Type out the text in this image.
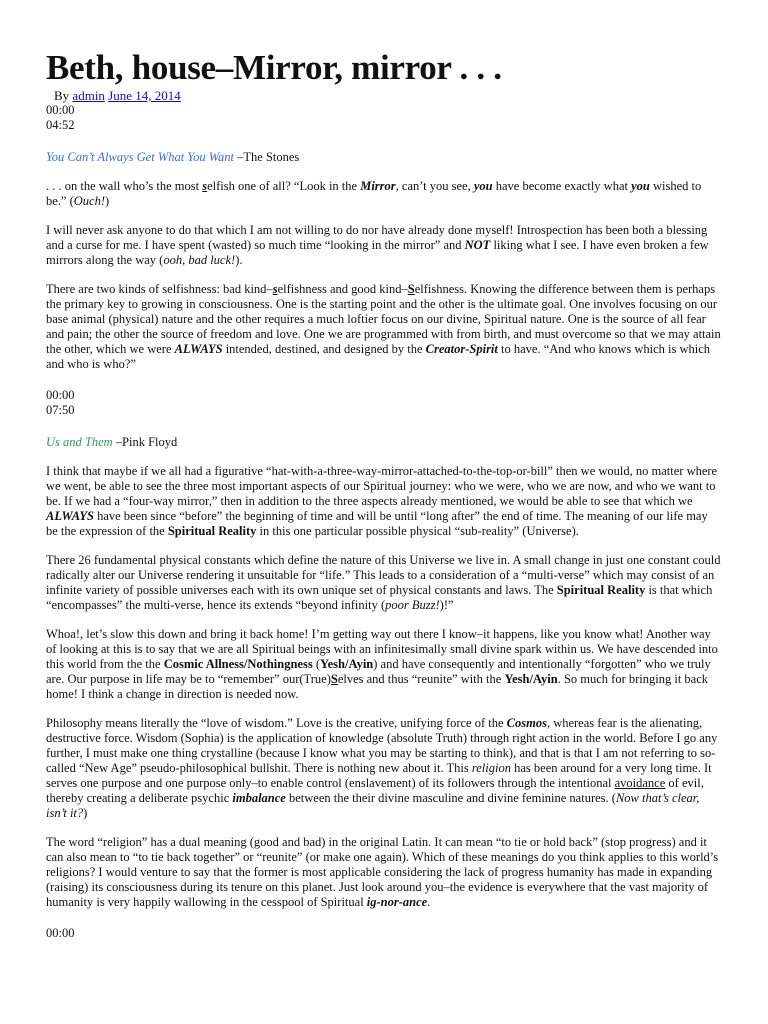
Beth, house–Mirror, mirror . . .
By admin June 14, 2014
00:00
04:52
You Can’t Always Get What You Want –The Stones

. . . on the wall who’s the most selfish one of all? “Look in the Mirror, can’t you see, you have become exactly what you wished to be.” (Ouch!)

I will never ask anyone to do that which I am not willing to do nor have already done myself! Introspection has been both a blessing and a curse for me. I have spent (wasted) so much time “looking in the mirror” and NOT liking what I see. I have even broken a few mirrors along the way (ooh, bad luck!).

There are two kinds of selfishness: bad kind–selfishness and good kind–Selfishness. Knowing the difference between them is perhaps the primary key to growing in consciousness. One is the starting point and the other is the ultimate goal. One involves focusing on our base animal (physical) nature and the other requires a much loftier focus on our divine, Spiritual nature. One is the source of all fear and pain; the other the source of freedom and love. One we are programmed with from birth, and must overcome so that we may attain the other, which we were ALWAYS intended, destined, and designed by the Creator-Spirit to have. “And who knows which is which and who is who?”

00:00
07:50
Us and Them –Pink Floyd

I think that maybe if we all had a figurative “hat-with-a-three-way-mirror-attached-to-the-top-or-bill” then we would, no matter where we went, be able to see the three most important aspects of our Spiritual journey: who we were, who we are now, and who we want to be. If we had a “four-way mirror,” then in addition to the three aspects already mentioned, we would be able to see that which we ALWAYS have been since “before” the beginning of time and will be until “long after” the end of time. The meaning of our life may be the expression of the Spiritual Reality in this one particular possible physical “sub-reality” (Universe).

There 26 fundamental physical constants which define the nature of this Universe we live in. A small change in just one constant could radically alter our Universe rendering it unsuitable for “life.” This leads to a consideration of a “multi-verse” which may consist of an infinite variety of possible universes each with its own unique set of physical constants and laws. The Spiritual Reality is that which “encompasses” the multi-verse, hence its extends “beyond infinity (poor Buzz!)!”

Whoa!, let’s slow this down and bring it back home! I’m getting way out there I know–it happens, like you know what! Another way of looking at this is to say that we are all Spiritual beings with an infinitesimally small divine spark within us. We have descended into this world from the the Cosmic Allness/Nothingness (Yesh/Ayin) and have consequently and intentionally “forgotten” who we truly are. Our purpose in life may be to “remember” our(True)Selves and thus “reunite” with the Yesh/Ayin. So much for bringing it back home! I think a change in direction is needed now.

Philosophy means literally the “love of wisdom.” Love is the creative, unifying force of the Cosmos, whereas fear is the alienating, destructive force. Wisdom (Sophia) is the application of knowledge (absolute Truth) through right action in the world. Before I go any further, I must make one thing crystalline (because I know what you may be starting to think), and that is that I am not referring to so-called “New Age” pseudo-philosophical bullshit. There is nothing new about it. This religion has been around for a very long time. It serves one purpose and one purpose only–to enable control (enslavement) of its followers through the intentional avoidance of evil, thereby creating a deliberate psychic imbalance between the their divine masculine and divine feminine natures. (Now that’s clear, isn’t it?)

The word “religion” has a dual meaning (good and bad) in the original Latin. It can mean “to tie or hold back” (stop progress) and it can also mean to “to tie back together” or “reunite” (or make one again). Which of these meanings do you think applies to this world’s religions? I would venture to say that the former is most applicable considering the lack of progress humanity has made in expanding (raising) its consciousness during its tenure on this planet. Just look around you–the evidence is everywhere that the vast majority of humanity is very happily wallowing in the cesspool of Spiritual ig-nor-ance.

00:00
